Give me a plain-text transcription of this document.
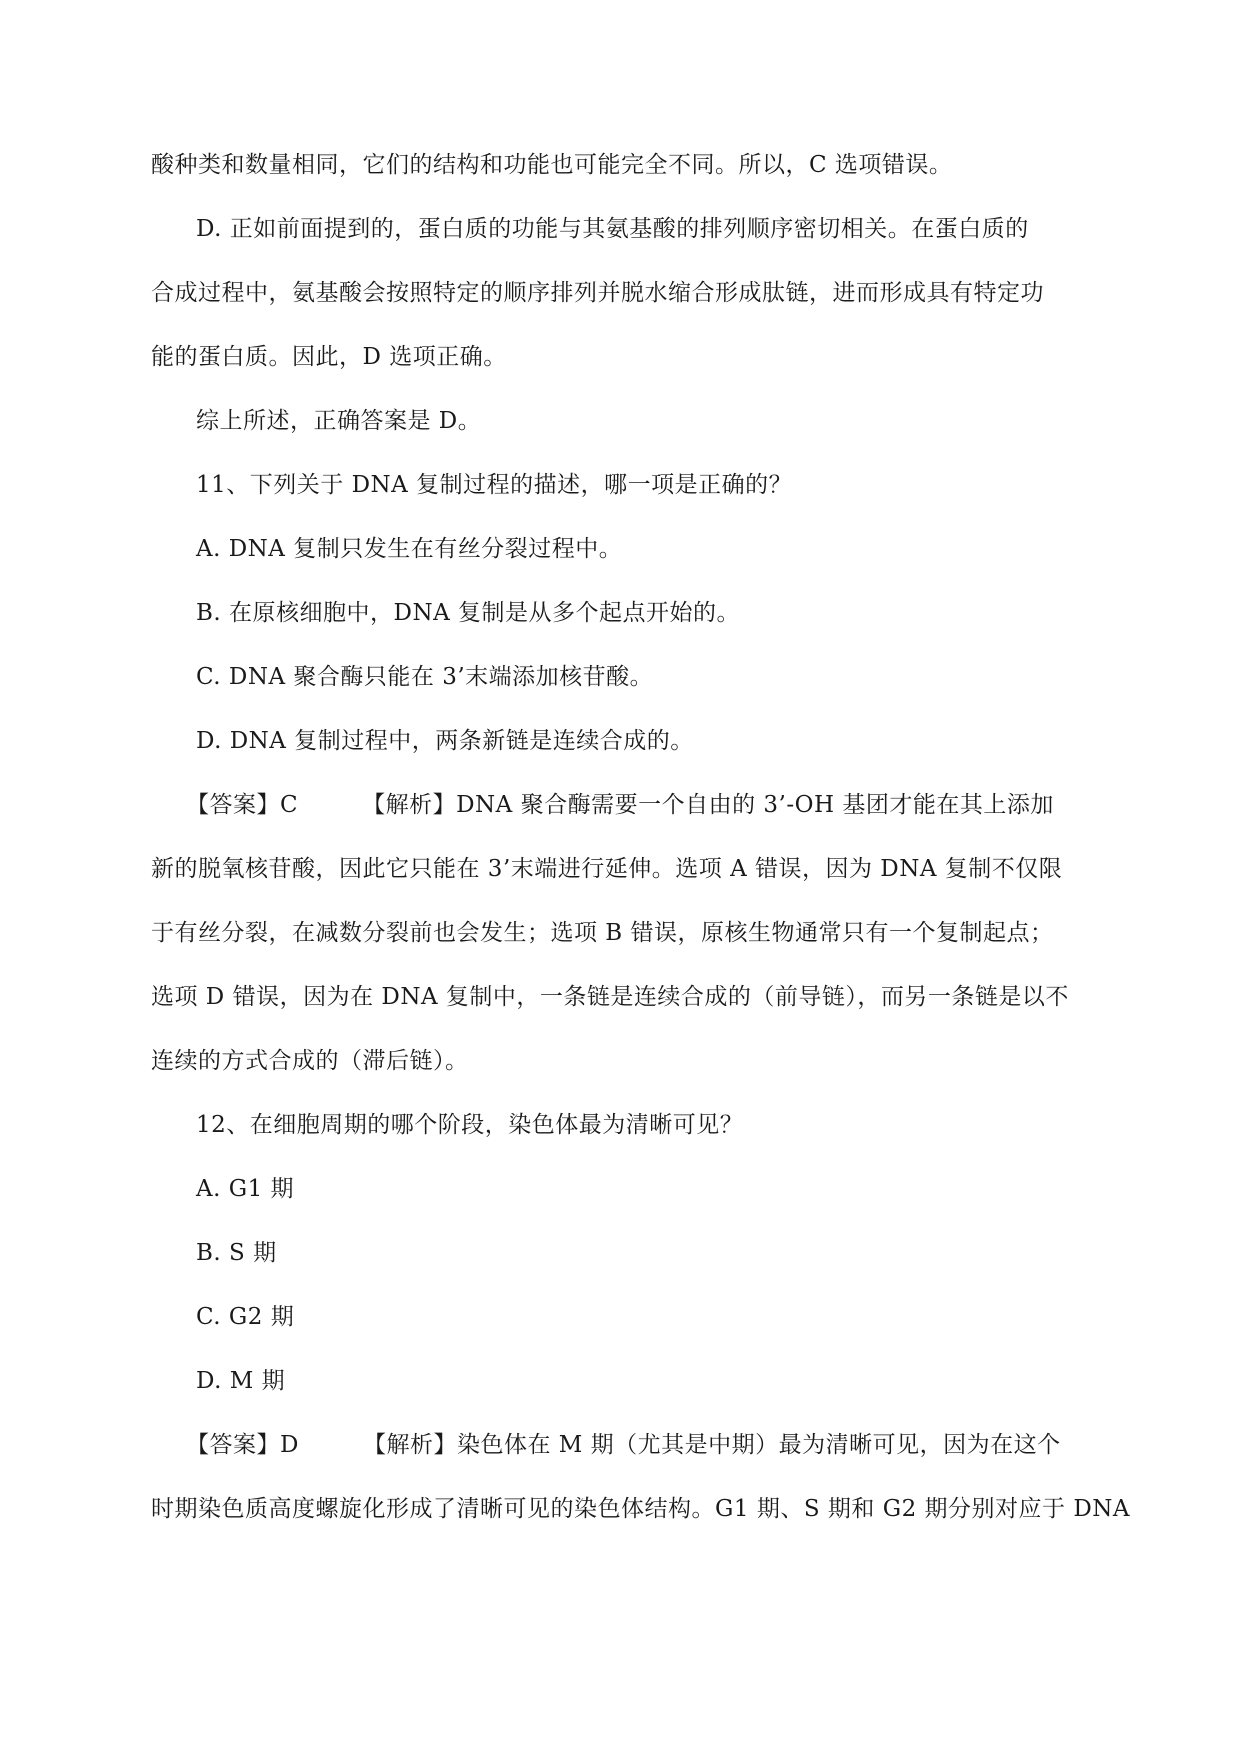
酸种类和数量相同，它们的结构和功能也可能完全不同。所以，C 选项错误。
D. 正如前面提到的，蛋白质的功能与其氨基酸的排列顺序密切相关。在蛋白质的
合成过程中，氨基酸会按照特定的顺序排列并脱水缩合形成肽链，进而形成具有特定功
能的蛋白质。因此，D 选项正确。
综上所述，正确答案是 D。
11、下列关于 DNA 复制过程的描述，哪一项是正确的？
A. DNA 复制只发生在有丝分裂过程中。
B. 在原核细胞中，DNA 复制是从多个起点开始的。
C. DNA 聚合酶只能在 3’末端添加核苷酸。
D. DNA 复制过程中，两条新链是连续合成的。
【答案】C	【解析】DNA 聚合酶需要一个自由的 3’-OH 基团才能在其上添加
新的脱氧核苷酸，因此它只能在 3’末端进行延伸。选项 A 错误，因为 DNA 复制不仅限
于有丝分裂，在减数分裂前也会发生；选项 B 错误，原核生物通常只有一个复制起点；
选项 D 错误，因为在 DNA 复制中，一条链是连续合成的（前导链），而另一条链是以不
连续的方式合成的（滞后链）。
12、在细胞周期的哪个阶段，染色体最为清晰可见？
A. G1 期
B. S 期
C. G2 期
D. M 期
【答案】D	【解析】染色体在 M 期（尤其是中期）最为清晰可见，因为在这个
时期染色质高度螺旋化形成了清晰可见的染色体结构。G1 期、S 期和 G2 期分别对应于 DNA
